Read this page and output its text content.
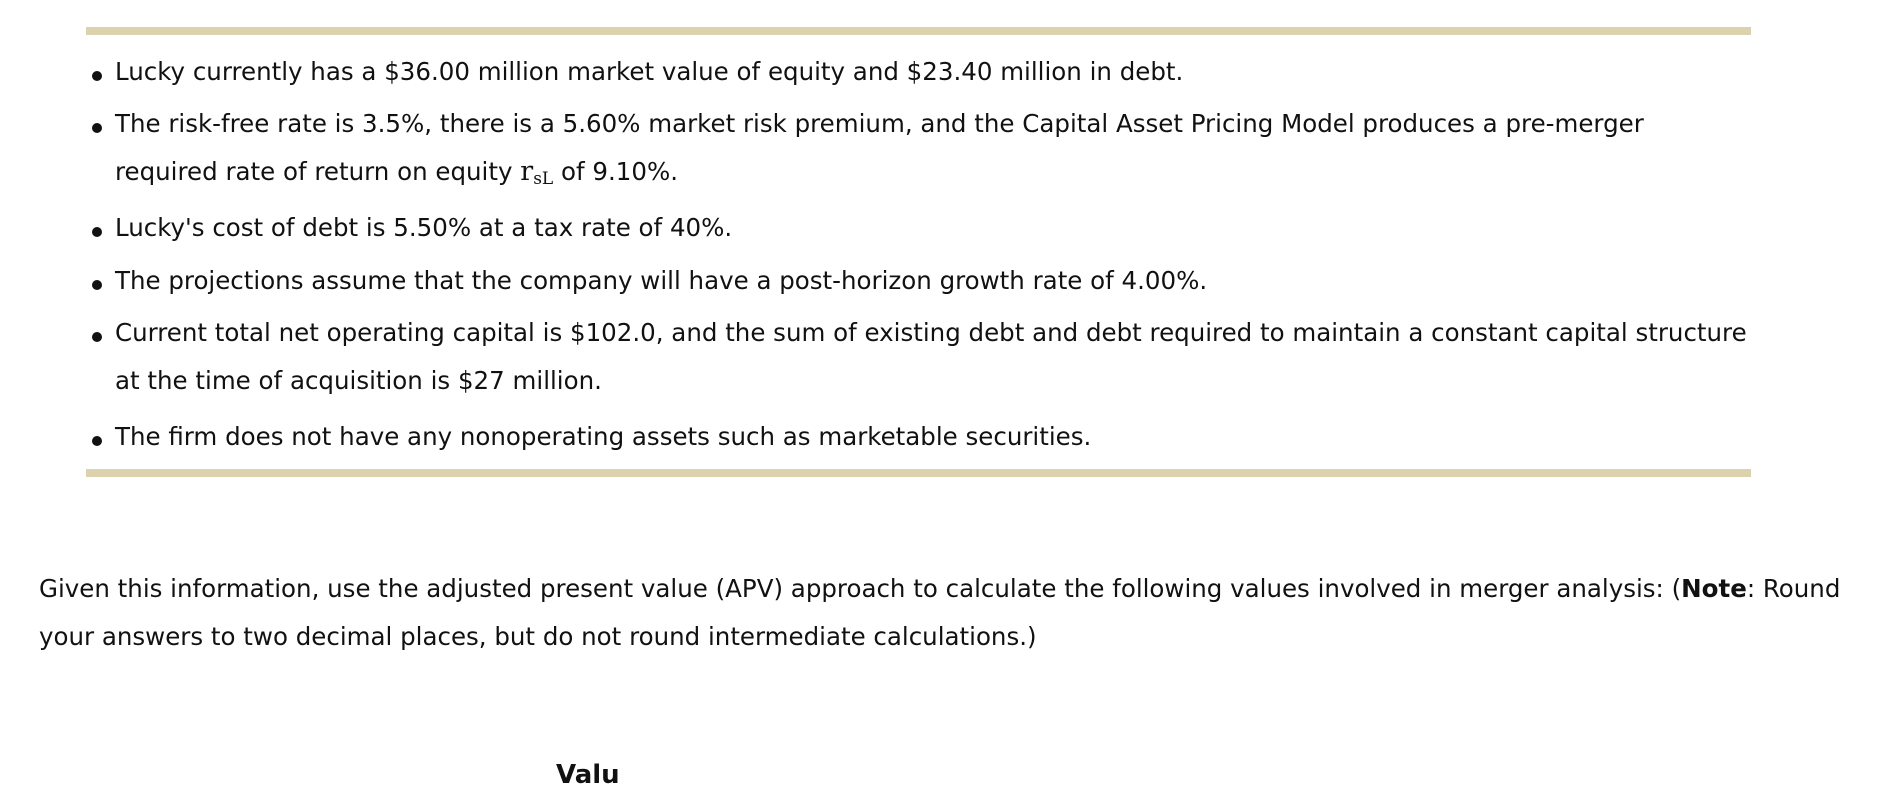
Lucky currently has a $36.00 million market value of equity and $23.40 million in debt.
The risk-free rate is 3.5%, there is a 5.60% market risk premium, and the Capital Asset Pricing Model produces a pre-merger
required rate of return on equity $r_{sL}$ of 9.10%.
Lucky's cost of debt is 5.50% at a tax rate of 40%.
The projections assume that the company will have a post-horizon growth rate of 4.00%.
Current total net operating capital is $102.0, and the sum of existing debt and debt required to maintain a constant capital structure
at the time of acquisition is $27 million.
The firm does not have any nonoperating assets such as marketable securities.
Given this information, use the adjusted present value (APV) approach to calculate the following values involved in merger analysis: (Note: Round
your answers to two decimal places, but do not round intermediate calculations.)
Valu
